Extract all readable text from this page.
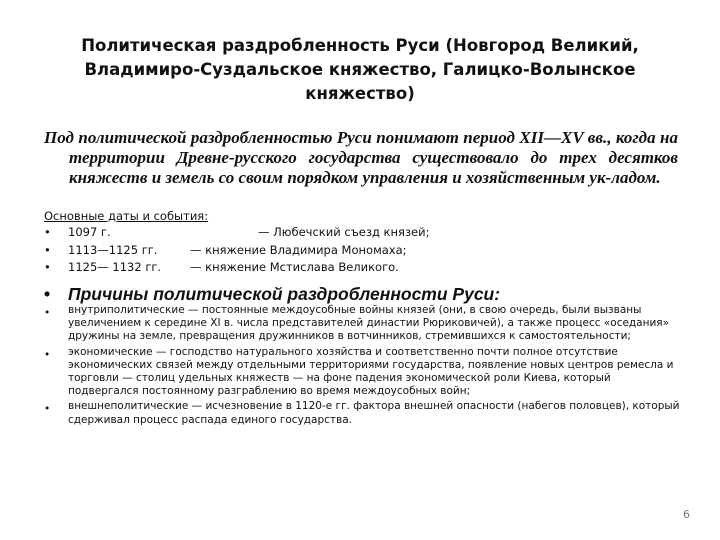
Политическая раздробленность Руси (Новгород Великий, Владимиро-Суздальское княжество, Галицко-Волынское княжество)

Под политической раздробленностью Руси понимают период XII—XV вв., когда на территории Древне-русского государства существовало до трех десятков княжеств и земель со своим порядком управления и хозяйственным ук-ладом.

Основные даты и события:
• 1097 г.	— Любечский съезд князей;
• 1113—1125 гг.	— княжение Владимира Мономаха;
• 1125— 1132 гг.	— княжение Мстислава Великого.
•	Причины политической раздробленности Руси:
• внутриполитические — постоянные междоусобные войны князей (они, в свою очередь, были вызваны увеличением к середине XI в. числа представителей династии Рюриковичей), а также процесс «оседания» дружины на земле, превращения дружинников в вотчинников, стремившихся к самостоятельности;
• экономические — господство натурального хозяйства и соответственно почти полное отсутствие экономических связей между отдельными территориями государства, появление новых центров ремесла и торговли — столиц удельных княжеств — на фоне падения экономической роли Киева, который подвергался постоянному разграблению во время междоусобных войн;
• внешнеполитические — исчезновение в 1120-е гг. фактора внешней опасности (набегов половцев), который сдерживал процесс распада единого государства.
6
